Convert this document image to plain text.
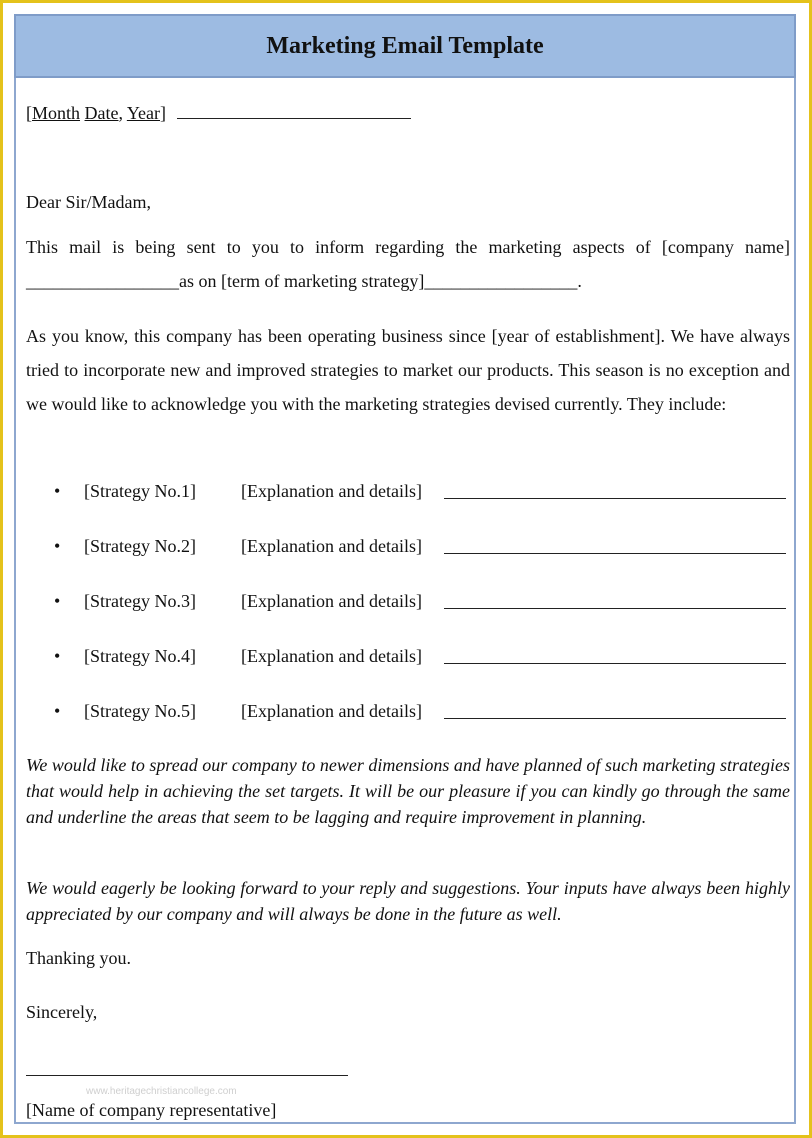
Marketing Email Template
[Month Date, Year]
Dear Sir/Madam,
This mail is being sent to you to inform regarding the marketing aspects of [company name] _________________as on [term of marketing strategy]_________________.
As you know, this company has been operating business since [year of establishment]. We have always tried to incorporate new and improved strategies to market our products. This season is no exception and we would like to acknowledge you with the marketing strategies devised currently. They include:
• [Strategy No.1]	[Explanation and details]
• [Strategy No.2]	[Explanation and details]
• [Strategy No.3]	[Explanation and details]
• [Strategy No.4]	[Explanation and details]
• [Strategy No.5]	[Explanation and details]
We would like to spread our company to newer dimensions and have planned of such marketing strategies that would help in achieving the set targets. It will be our pleasure if you can kindly go through the same and underline the areas that seem to be lagging and require improvement in planning.
We would eagerly be looking forward to your reply and suggestions. Your inputs have always been highly appreciated by our company and will always be done in the future as well.
Thanking you.
Sincerely,
www.heritagechristiancollege.com
[Name of company representative]
